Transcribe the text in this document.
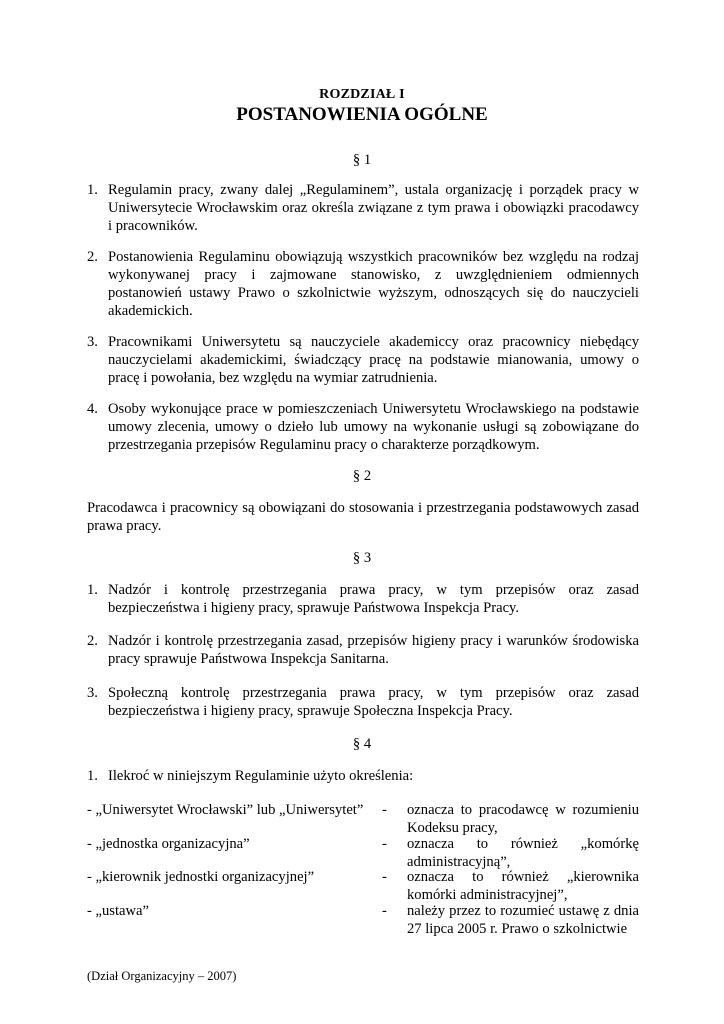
ROZDZIAŁ I
POSTANOWIENIA OGÓLNE
§ 1
1. Regulamin pracy, zwany dalej „Regulaminem”, ustala organizację i porządek pracy w Uniwersytecie Wrocławskim oraz określa związane z tym prawa i obowiązki pracodawcy i pracowników.
2. Postanowienia Regulaminu obowiązują wszystkich pracowników bez względu na rodzaj wykonywanej pracy i zajmowane stanowisko, z uwzględnieniem odmiennych postanowień ustawy Prawo o szkolnictwie wyższym, odnoszących się do nauczycieli akademickich.
3. Pracownikami Uniwersytetu są nauczyciele akademiccy oraz pracownicy niebędący nauczycielami akademickimi, świadczący pracę na podstawie mianowania, umowy o pracę i powołania, bez względu na wymiar zatrudnienia.
4. Osoby wykonujące prace w pomieszczeniach Uniwersytetu Wrocławskiego na podstawie umowy zlecenia, umowy o dzieło lub umowy na wykonanie usługi są zobowiązane do przestrzegania przepisów Regulaminu pracy o charakterze porządkowym.
§ 2
Pracodawca i pracownicy są obowiązani do stosowania i przestrzegania podstawowych zasad prawa pracy.
§ 3
1. Nadzór i kontrolę przestrzegania prawa pracy, w tym przepisów oraz zasad bezpieczeństwa i higieny pracy, sprawuje Państwowa Inspekcja Pracy.
2. Nadzór i kontrolę przestrzegania zasad, przepisów higieny pracy i warunków środowiska pracy sprawuje Państwowa Inspekcja Sanitarna.
3. Społeczną kontrolę przestrzegania prawa pracy, w tym przepisów oraz zasad bezpieczeństwa i higieny pracy, sprawuje Społeczna Inspekcja Pracy.
§ 4
1. Ilekroć w niniejszym Regulaminie użyto określenia:
- „Uniwersytet Wrocławski” lub „Uniwersytet”	- oznacza to pracodawcę w rozumieniu Kodeksu pracy,
- „jednostka organizacyjna”	- oznacza to również „komórkę administracyjną”,
- „kierownik jednostki organizacyjnej”	- oznacza to również „kierownika komórki administracyjnej”,
- „ustawa”	- należy przez to rozumieć ustawę z dnia 27 lipca 2005 r. Prawo o szkolnictwie
(Dział Organizacyjny – 2007)
